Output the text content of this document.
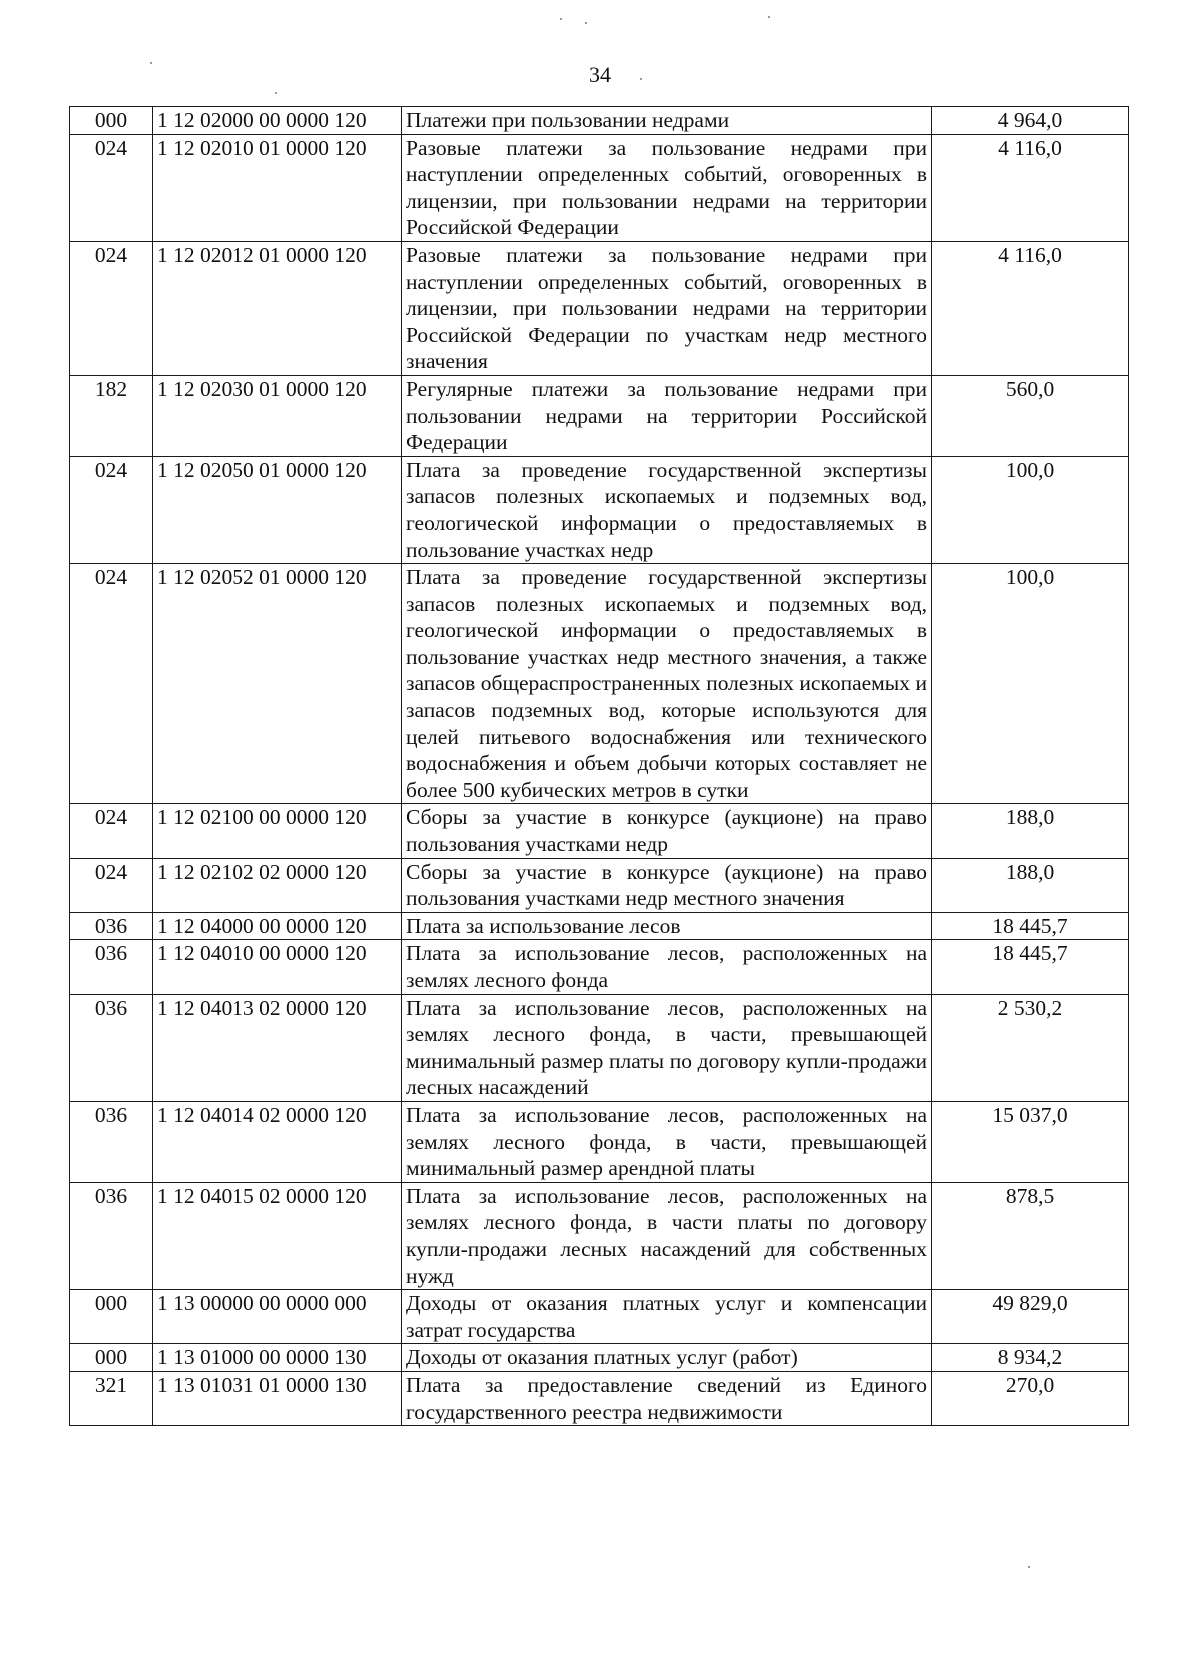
34
000	1 12 02000 00 0000 120	Платежи при пользовании недрами	4 964,0
024	1 12 02010 01 0000 120	Разовые платежи за пользование недрами при наступлении определенных событий, оговоренных в лицензии, при пользовании недрами на территории Российской Федерации	4 116,0
024	1 12 02012 01 0000 120	Разовые платежи за пользование недрами при наступлении определенных событий, оговоренных в лицензии, при пользовании недрами на территории Российской Федерации по участкам недр местного значения	4 116,0
182	1 12 02030 01 0000 120	Регулярные платежи за пользование недрами при пользовании недрами на территории Российской Федерации	560,0
024	1 12 02050 01 0000 120	Плата за проведение государственной экспертизы запасов полезных ископаемых и подземных вод, геологической информации о предоставляемых в пользование участках недр	100,0
024	1 12 02052 01 0000 120	Плата за проведение государственной экспертизы запасов полезных ископаемых и подземных вод, геологической информации о предоставляемых в пользование участках недр местного значения, а также запасов общераспространенных полезных ископаемых и запасов подземных вод, которые используются для целей питьевого водоснабжения или технического водоснабжения и объем добычи которых составляет не более 500 кубических метров в сутки	100,0
024	1 12 02100 00 0000 120	Сборы за участие в конкурсе (аукционе) на право пользования участками недр	188,0
024	1 12 02102 02 0000 120	Сборы за участие в конкурсе (аукционе) на право пользования участками недр местного значения	188,0
036	1 12 04000 00 0000 120	Плата за использование лесов	18 445,7
036	1 12 04010 00 0000 120	Плата за использование лесов, расположенных на землях лесного фонда	18 445,7
036	1 12 04013 02 0000 120	Плата за использование лесов, расположенных на землях лесного фонда, в части, превышающей минимальный размер платы по договору купли-продажи лесных насаждений	2 530,2
036	1 12 04014 02 0000 120	Плата за использование лесов, расположенных на землях лесного фонда, в части, превышающей минимальный размер арендной платы	15 037,0
036	1 12 04015 02 0000 120	Плата за использование лесов, расположенных на землях лесного фонда, в части платы по договору купли-продажи лесных насаждений для собственных нужд	878,5
000	1 13 00000 00 0000 000	Доходы от оказания платных услуг и компенсации затрат государства	49 829,0
000	1 13 01000 00 0000 130	Доходы от оказания платных услуг (работ)	8 934,2
321	1 13 01031 01 0000 130	Плата за предоставление сведений из Единого государственного реестра недвижимости	270,0
